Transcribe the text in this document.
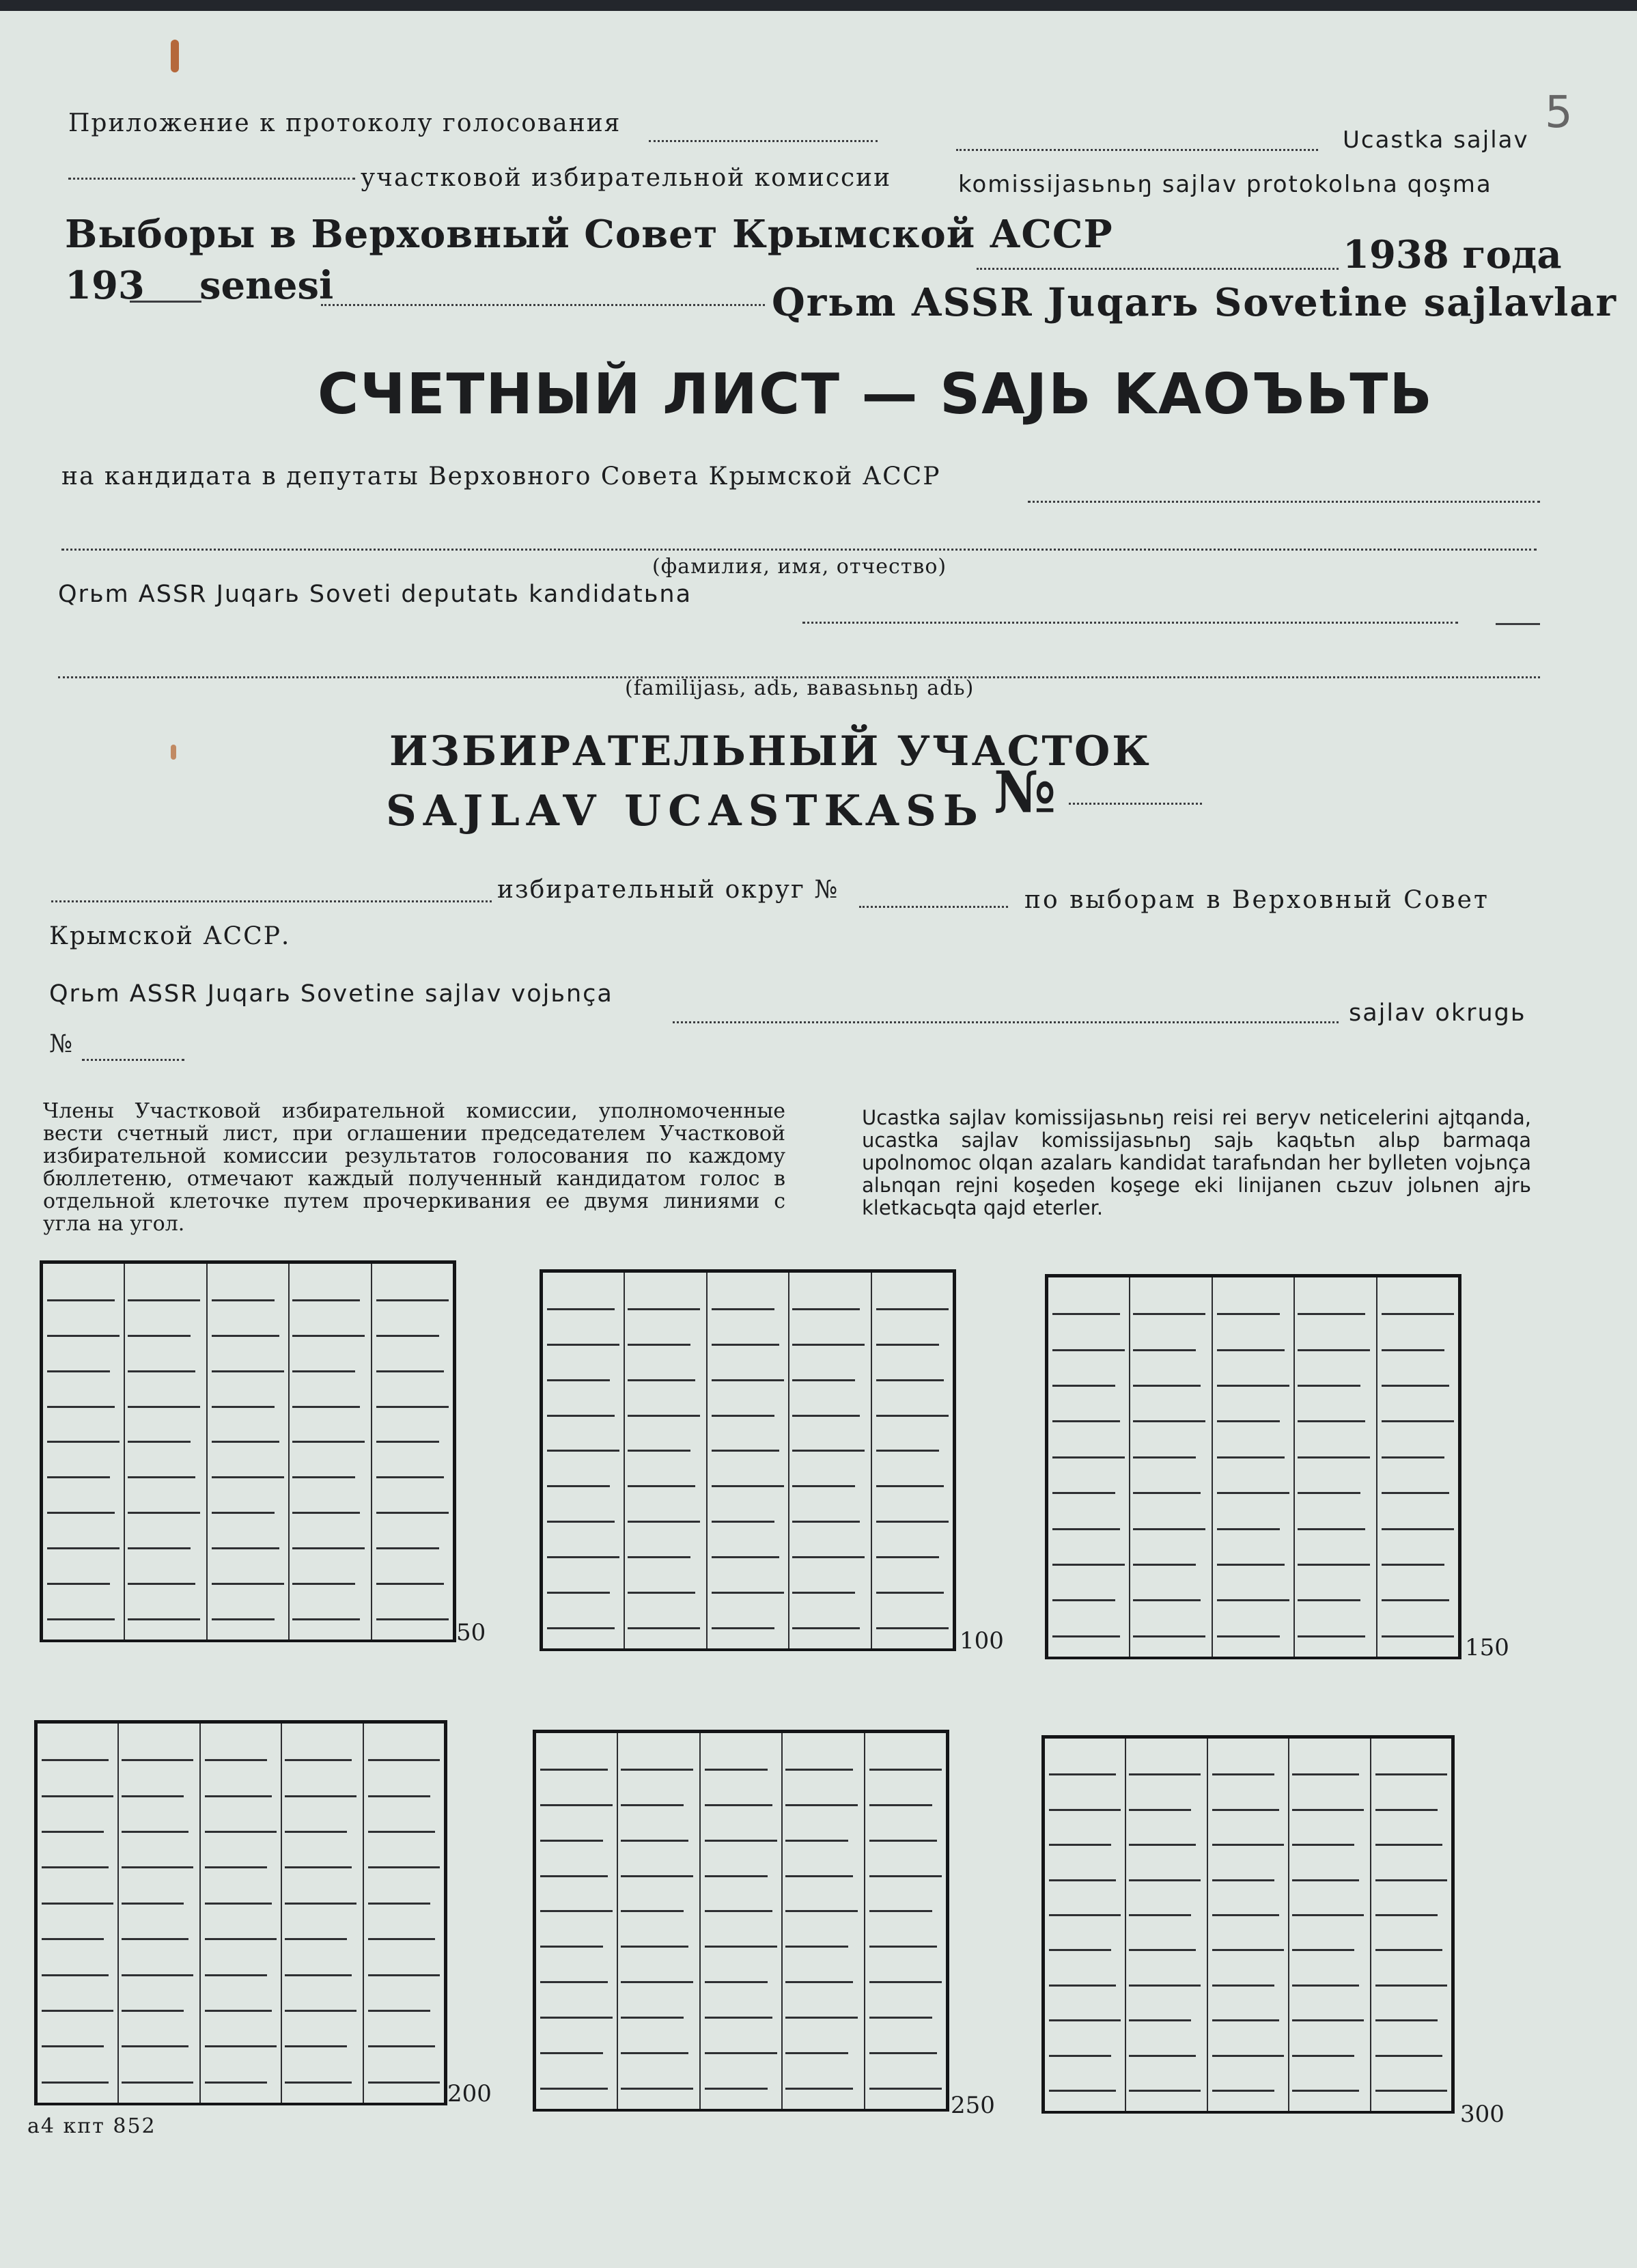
5
Приложение к протоколу голосования
Ucastka sajlav
участковой избирательной комиссии	komissijasьnьŋ sajlav protokolьna qoşma
Выборы в Верховный Совет Крымской АССР	1938 года
193 senesi	Qrьm ASSR Juqarь Sovetine sajlavlar
СЧЕТНЫЙ ЛИСТ — SAJЬ KAOЪЬTЬ
на кандидата в депутаты Верховного Совета Крымской АССР
(фамилия, имя, отчество)
Qrьm ASSR Juqarь Soveti deputatь kandidatьna
(familijasь, adь, вавasьnьŋ adь)
ИЗБИРАТЕЛЬНЫЙ УЧАСТОК
SAJLAV UCASTKASЬ №
избирательный округ №	по выборам в Верховный Совет
Крымской АССР.
Qrьm ASSR Juqarь Sovetine sajlav vojьnça
sajlav okrugь
№
Члены Участковой избирательной комиссии, уполномоченные вести счетный лист, при оглашении председателем Участковой избирательной комиссии результатов голосования по каждому бюллетеню, отмечают каждый полученный кандидатом голос в отдельной клеточке путем прочеркивания ее двумя линиями с угла на угол.
Ucastka sajlav komissijasьnьŋ reisi rei вeryv neticelerini ajtqanda, ucastka sajlav komissijasьnьŋ sajь kaqьtьn alьp barmaqa upolnomoc olqan azalarь kandidat tarafьndan her bylleten vojьnça alьnqan rejni koşeden koşege eki linijanen cьzuv jolьnen ajrь kletkacьqta qajd eterler.
50	100	150
200	250	300
а4 кпт 852
